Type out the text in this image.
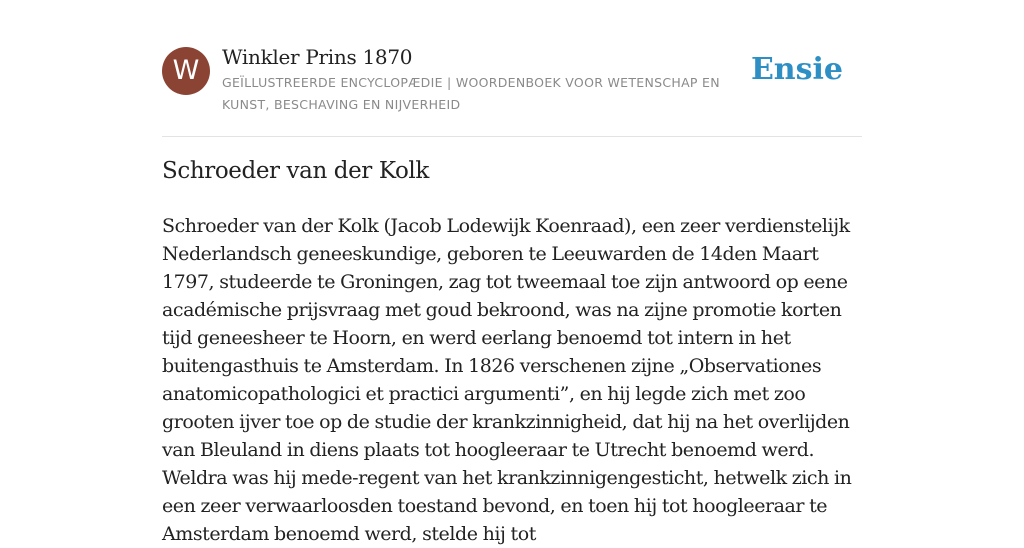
W	Winkler Prins 1870
GEÏLLUSTREERDE ENCYCLOPÆDIE | WOORDENBOEK VOOR WETENSCHAP EN KUNST, BESCHAVING EN NIJVERHEID
Ensie
Schroeder van der Kolk

Schroeder van der Kolk (Jacob Lodewijk Koenraad), een zeer verdienstelijk Nederlandsch geneeskundige, geboren te Leeuwarden de 14den Maart 1797, studeerde te Groningen, zag tot tweemaal toe zijn antwoord op eene académische prijsvraag met goud bekroond, was na zijne promotie korten tijd geneesheer te Hoorn, en werd eerlang benoemd tot intern in het buitengasthuis te Amsterdam. In 1826 verschenen zijne „Observationes anatomicopathologici et practici argumenti”, en hij legde zich met zoo grooten ijver toe op de studie der krankzinnigheid, dat hij na het overlijden van Bleuland in diens plaats tot hoogleeraar te Utrecht benoemd werd. Weldra was hij mede-regent van het krankzinnigengesticht, hetwelk zich in een zeer verwaarloosden toestand bevond, en toen hij tot hoogleeraar te Amsterdam benoemd werd, stelde hij tot
